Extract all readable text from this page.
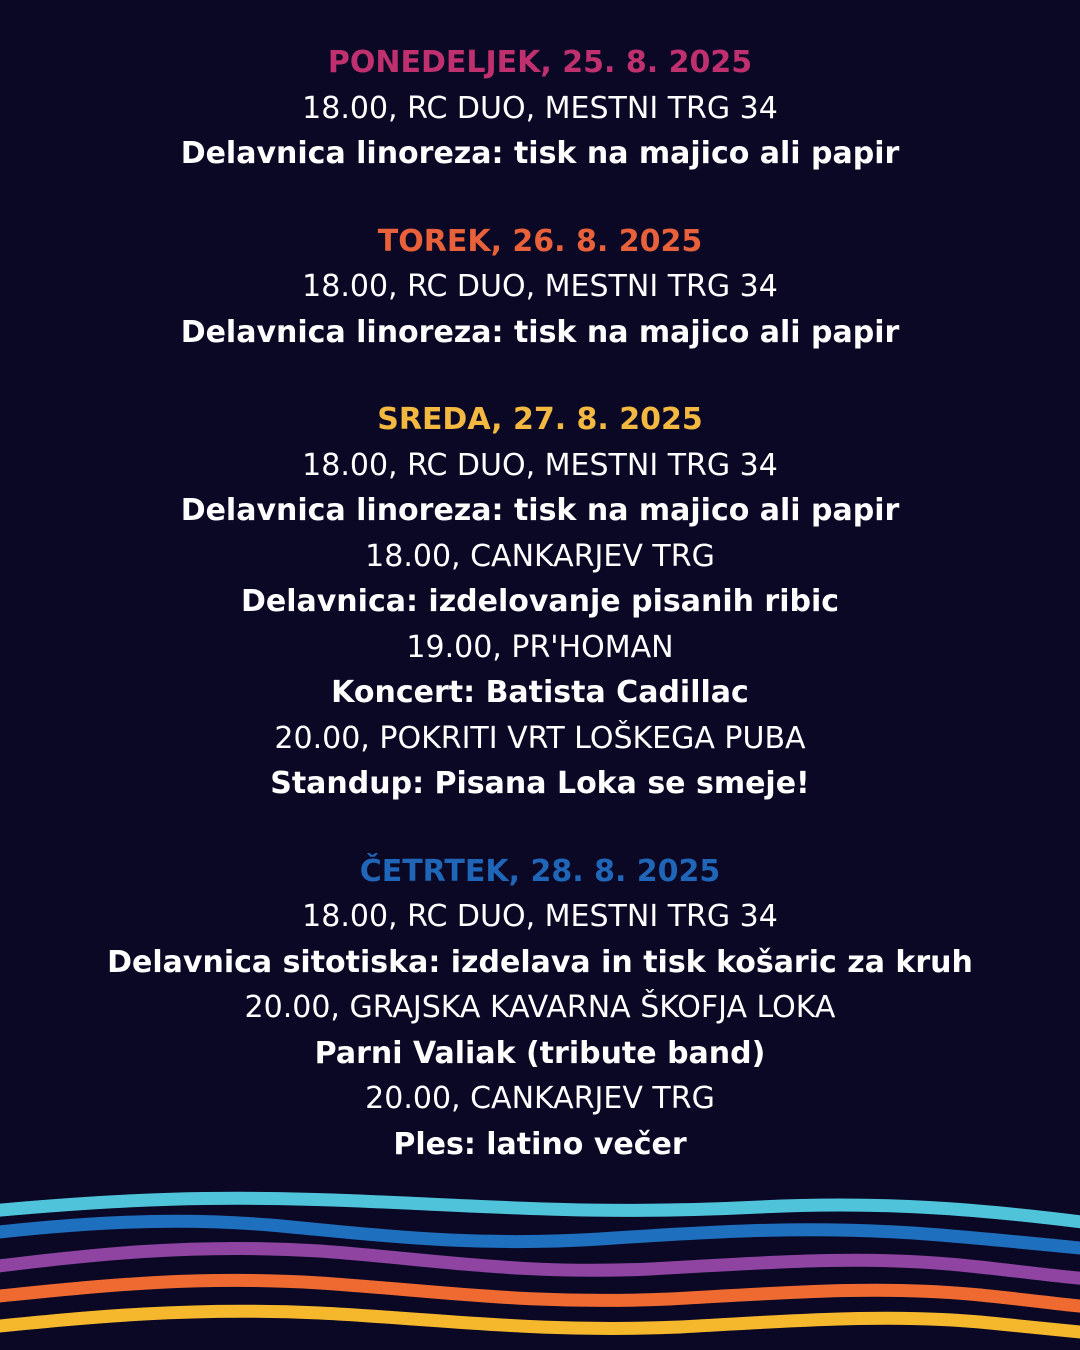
PONEDELJEK, 25. 8. 2025

18.00, RC DUO, MESTNI TRG 34

Delavnica linoreza: tisk na majico ali papir

TOREK, 26. 8. 2025

18.00, RC DUO, MESTNI TRG 34

Delavnica linoreza: tisk na majico ali papir

SREDA, 27. 8. 2025

18.00, RC DUO, MESTNI TRG 34

Delavnica linoreza: tisk na majico ali papir

18.00, CANKARJEV TRG

Delavnica: izdelovanje pisanih ribic

19.00, PR'HOMAN

Koncert: Batista Cadillac

20.00, POKRITI VRT LOŠKEGA PUBA

Standup: Pisana Loka se smeje!

ČETRTEK, 28. 8. 2025

18.00, RC DUO, MESTNI TRG 34

Delavnica sitotiska: izdelava in tisk košaric za kruh

20.00, GRAJSKA KAVARNA ŠKOFJA LOKA

Parni Valiak (tribute band)

20.00, CANKARJEV TRG

Ples: latino večer
